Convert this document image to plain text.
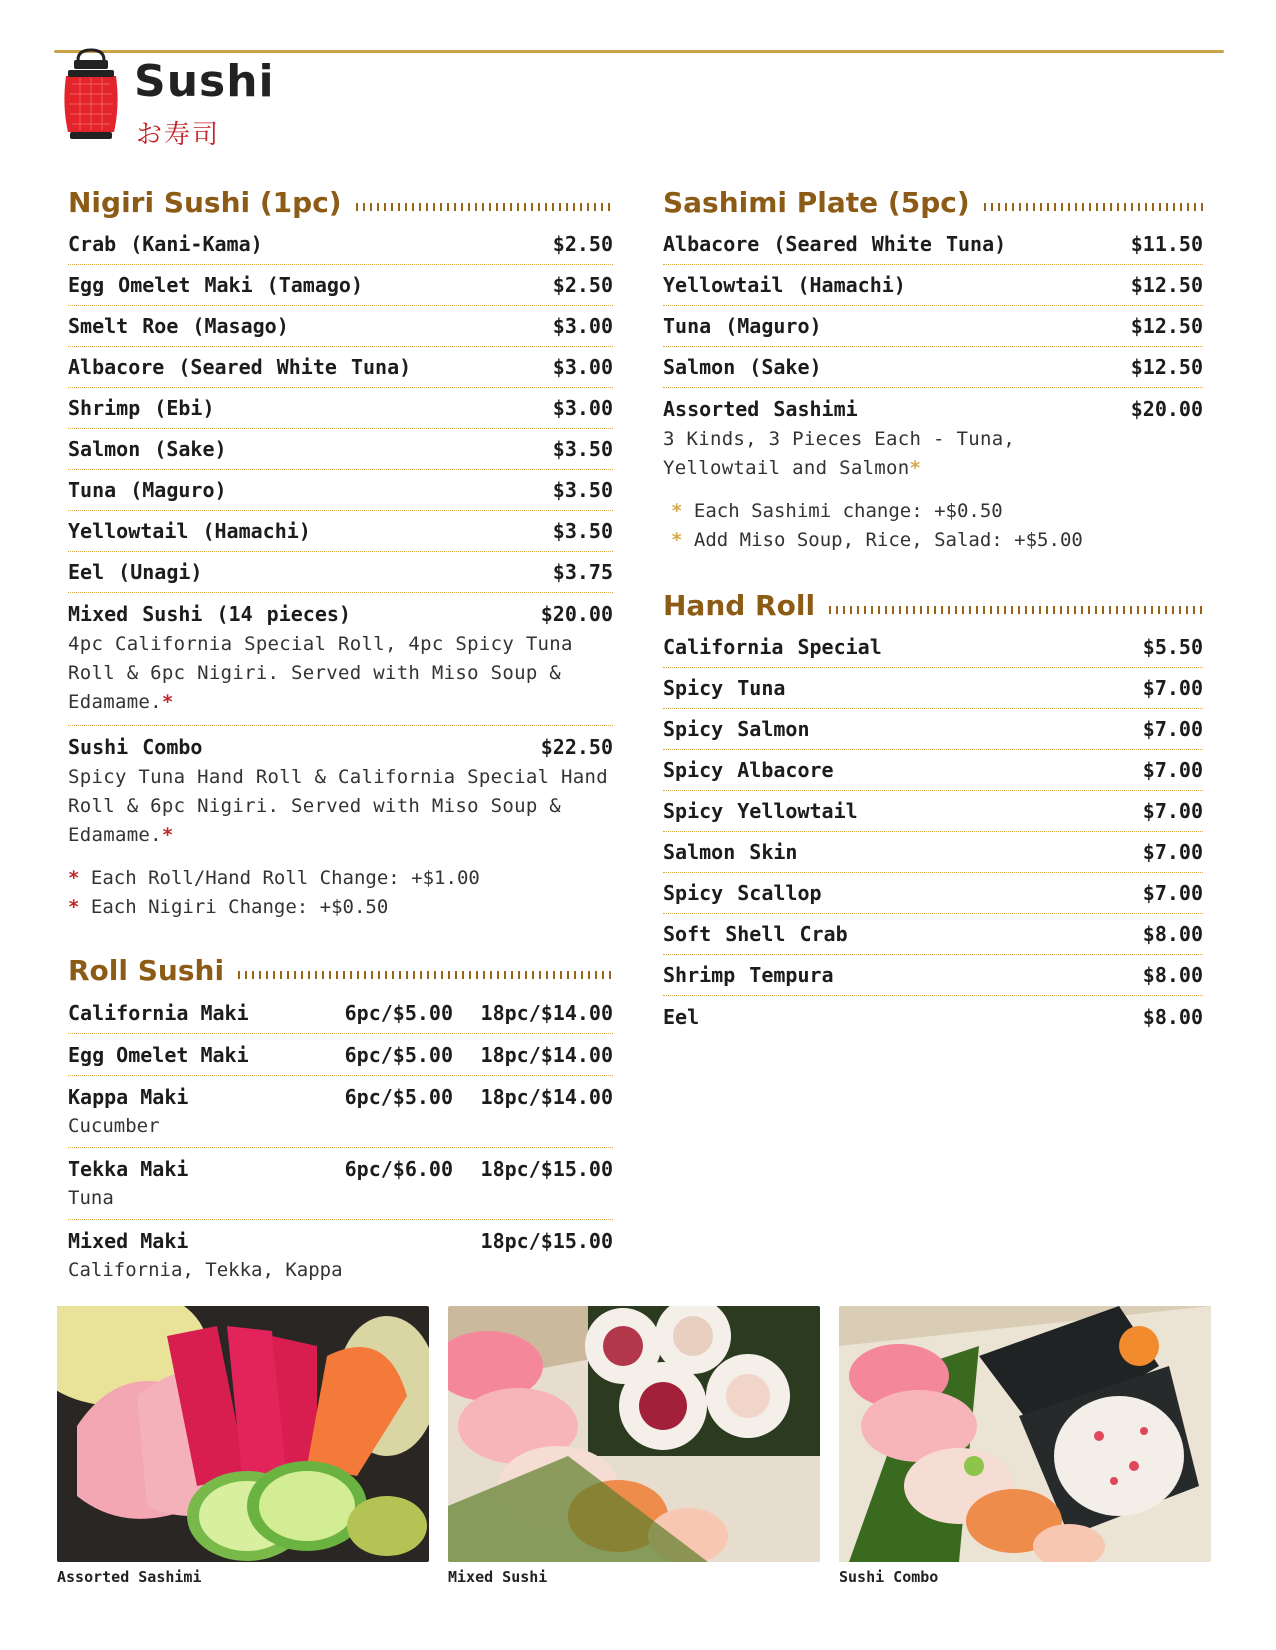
Sushi
お寿司
Nigiri Sushi (1pc)
Crab (Kani-Kama)	$2.50
Egg Omelet Maki (Tamago)	$2.50
Smelt Roe (Masago)	$3.00
Albacore (Seared White Tuna)	$3.00
Shrimp (Ebi)	$3.00
Salmon (Sake)	$3.50
Tuna (Maguro)	$3.50
Yellowtail (Hamachi)	$3.50
Eel (Unagi)	$3.75
Mixed Sushi (14 pieces)	$20.00
4pc California Special Roll, 4pc Spicy Tuna Roll & 6pc Nigiri. Served with Miso Soup & Edamame.*
Sushi Combo	$22.50
Spicy Tuna Hand Roll & California Special Hand Roll & 6pc Nigiri. Served with Miso Soup & Edamame.*
* Each Roll/Hand Roll Change: +$1.00
* Each Nigiri Change: +$0.50
Roll Sushi
California Maki	6pc/$5.00	18pc/$14.00
Egg Omelet Maki	6pc/$5.00	18pc/$14.00
Kappa Maki	6pc/$5.00	18pc/$14.00
Cucumber
Tekka Maki	6pc/$6.00	18pc/$15.00
Tuna
Mixed Maki	18pc/$15.00
California, Tekka, Kappa
Sashimi Plate (5pc)
Albacore (Seared White Tuna)	$11.50
Yellowtail (Hamachi)	$12.50
Tuna (Maguro)	$12.50
Salmon (Sake)	$12.50
Assorted Sashimi	$20.00
3 Kinds, 3 Pieces Each - Tuna, Yellowtail and Salmon*
* Each Sashimi change: +$0.50
* Add Miso Soup, Rice, Salad: +$5.00
Hand Roll
California Special	$5.50
Spicy Tuna	$7.00
Spicy Salmon	$7.00
Spicy Albacore	$7.00
Spicy Yellowtail	$7.00
Salmon Skin	$7.00
Spicy Scallop	$7.00
Soft Shell Crab	$8.00
Shrimp Tempura	$8.00
Eel	$8.00
Assorted Sashimi	Mixed Sushi	Sushi Combo
